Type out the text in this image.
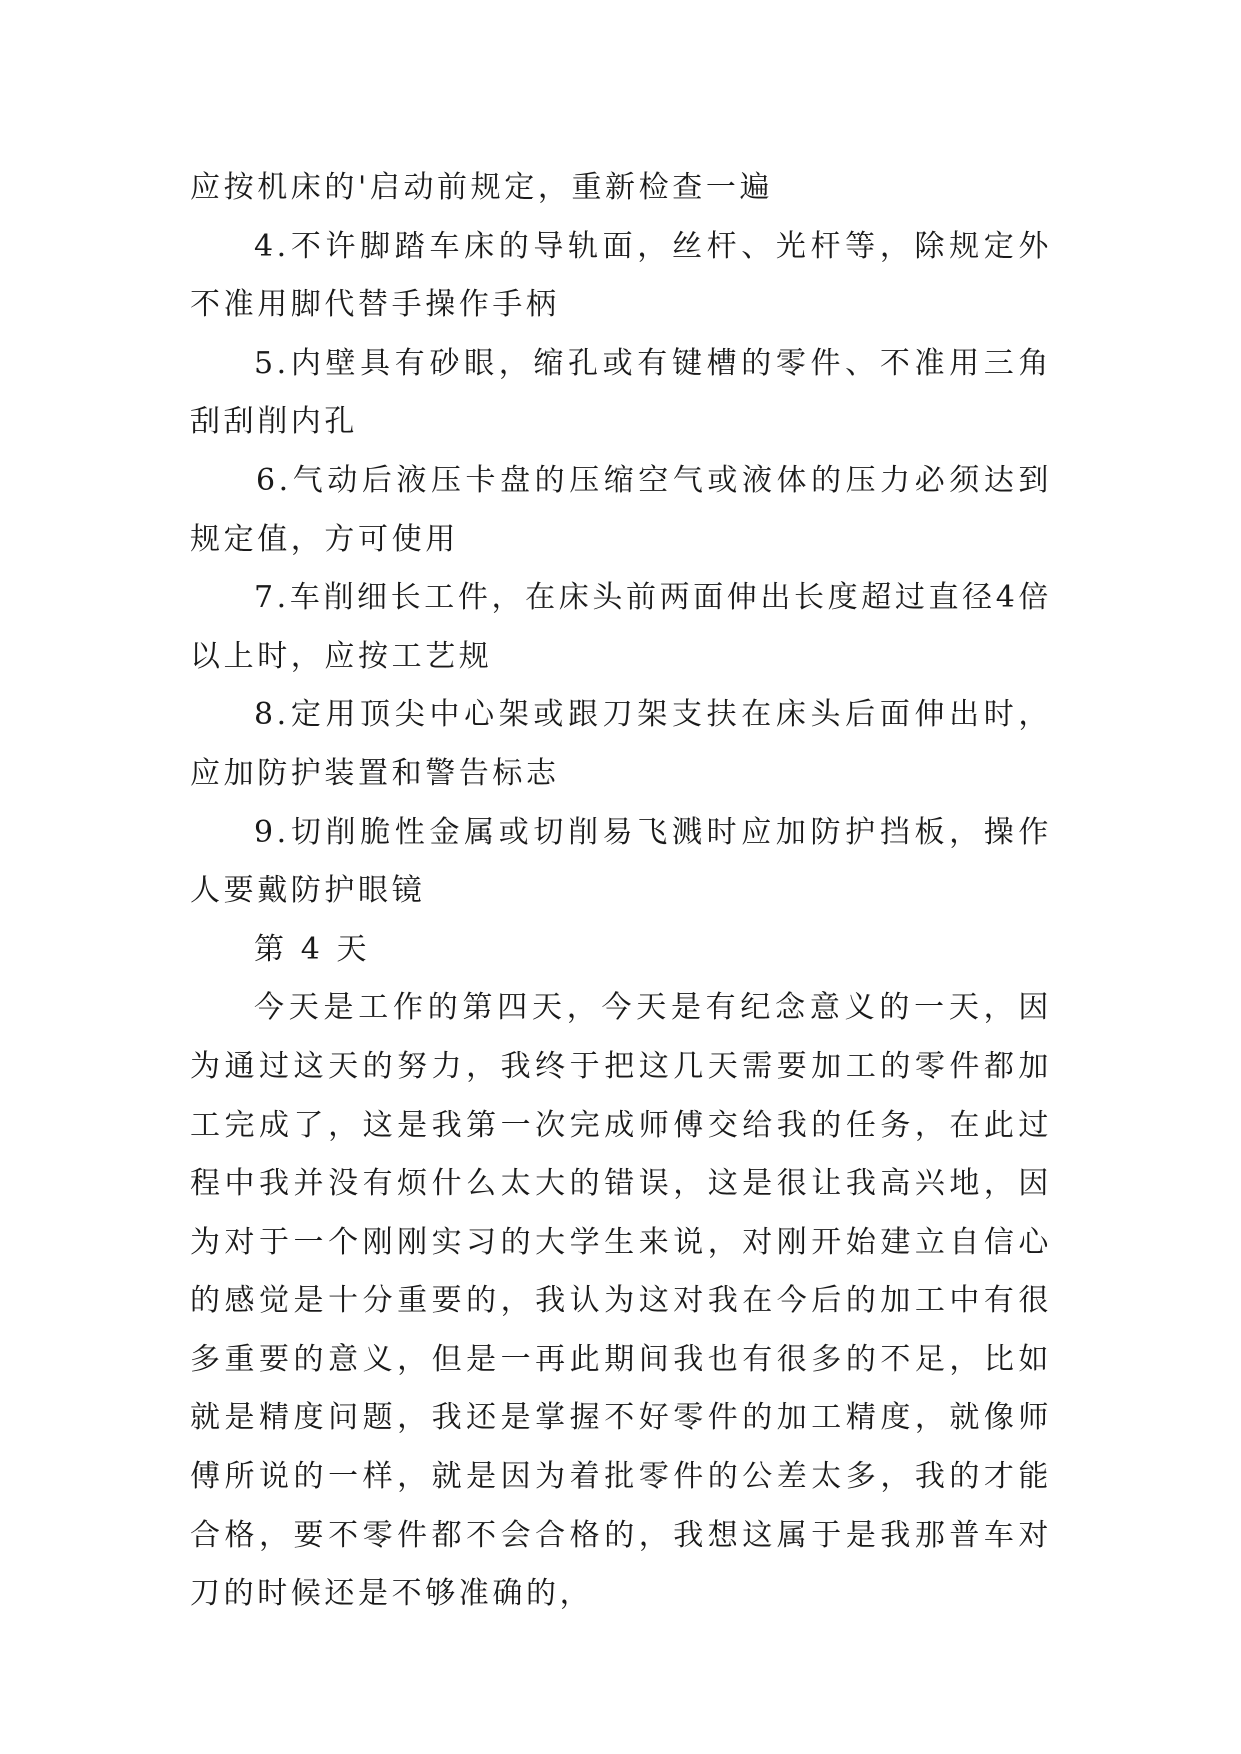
应按机床的'启动前规定，重新检查一遍

4.不许脚踏车床的导轨面，丝杆、光杆等，除规定外不准用脚代替手操作手柄

5.内壁具有砂眼，缩孔或有键槽的零件、不准用三角刮刮削内孔

6.气动后液压卡盘的压缩空气或液体的压力必须达到规定值，方可使用

7.车削细长工件，在床头前两面伸出长度超过直径4倍以上时，应按工艺规

8.定用顶尖中心架或跟刀架支扶在床头后面伸出时，应加防护装置和警告标志

9.切削脆性金属或切削易飞溅时应加防护挡板，操作人要戴防护眼镜

第 4 天

今天是工作的第四天，今天是有纪念意义的一天，因为通过这天的努力，我终于把这几天需要加工的零件都加工完成了，这是我第一次完成师傅交给我的任务，在此过程中我并没有烦什么太大的错误，这是很让我高兴地，因为对于一个刚刚实习的大学生来说，对刚开始建立自信心的感觉是十分重要的，我认为这对我在今后的加工中有很多重要的意义，但是一再此期间我也有很多的不足，比如就是精度问题，我还是掌握不好零件的加工精度，就像师傅所说的一样，就是因为着批零件的公差太多，我的才能合格，要不零件都不会合格的，我想这属于是我那普车对刀的时候还是不够准确的，
